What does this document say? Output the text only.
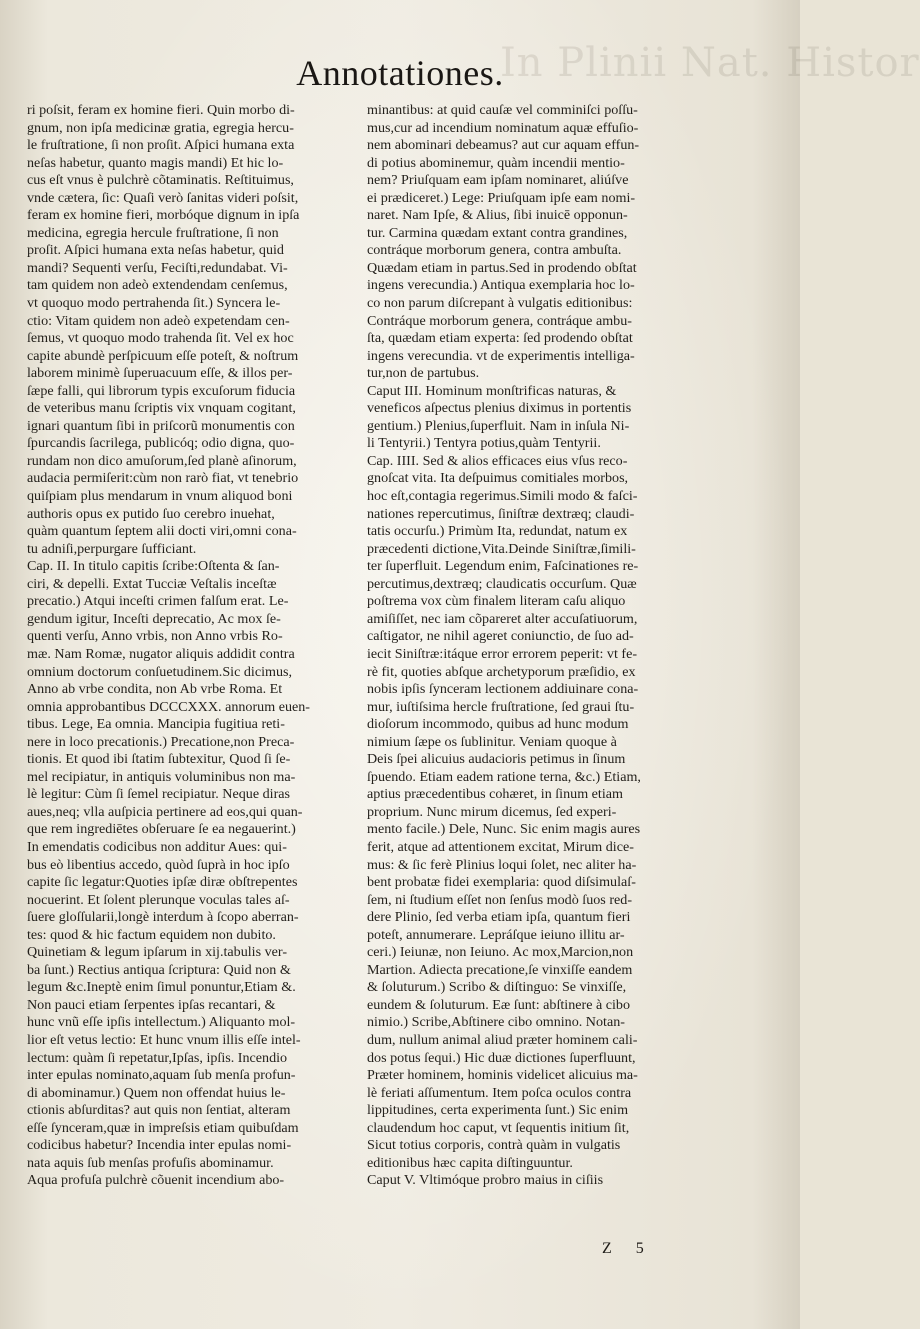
In Plinii Nat. Histor
Annotationes.
ri poſsit, feram ex homine fieri. Quin morbo di-
gnum, non ipſa medicinæ gratia, egregia hercu-
le fruſtratione, ſi non proſit. Aſpici humana exta
neſas habetur, quanto magis mandi) Et hic lo-
cus eſt vnus è pulchrè cõtaminatis. Reſtituimus,
vnde cætera, ſic: Quaſi verò ſanitas videri poſsit,
feram ex homine fieri, morbóque dignum in ipſa
medicina, egregia hercule fruſtratione, ſi non
proſit. Aſpici humana exta neſas habetur, quid
mandi? Sequenti verſu, Feciſti,redundabat. Vi-
tam quidem non adeò extendendam cenſemus,
vt quoquo modo pertrahenda ſit.) Syncera le-
ctio: Vitam quidem non adeò expetendam cen-
ſemus, vt quoquo modo trahenda ſit. Vel ex hoc
capite abundè perſpicuum eſſe poteſt, & noſtrum
laborem minimè ſuperuacuum eſſe, & illos per-
ſæpe falli, qui librorum typis excuſorum fiducia
de veteribus manu ſcriptis vix vnquam cogitant,
ignari quantum ſibi in priſcorũ monumentis con
ſpurcandis ſacrilega, publicóq; odio digna, quo-
rundam non dico amuſorum,ſed planè aſinorum,
audacia permiſerit:cùm non rarò fiat, vt tenebrio
quiſpiam plus mendarum in vnum aliquod boni
authoris opus ex putido ſuo cerebro inuehat,
quàm quantum ſeptem alii docti viri,omni cona-
tu adniſi,perpurgare ſufficiant.
Cap. II. In titulo capitis ſcribe:Oſtenta & ſan-
ciri, & depelli. Extat Tucciæ Veſtalis inceſtæ
precatio.) Atqui inceſti crimen falſum erat. Le-
gendum igitur, Inceſti deprecatio, Ac mox ſe-
quenti verſu, Anno vrbis, non Anno vrbis Ro-
mæ. Nam Romæ, nugator aliquis addidit contra
omnium doctorum conſuetudinem.Sic dicimus,
Anno ab vrbe condita, non Ab vrbe Roma. Et
omnia approbantibus DCCCXXX. annorum euen-
tibus. Lege, Ea omnia. Mancipia fugitiua reti-
nere in loco precationis.) Precatione,non Preca-
tionis. Et quod ibi ſtatim ſubtexitur, Quod ſi ſe-
mel recipiatur, in antiquis voluminibus non ma-
lè legitur: Cùm ſi ſemel recipiatur. Neque diras
aues,neq; vlla auſpicia pertinere ad eos,qui quan-
que rem ingrediētes obſeruare ſe ea negauerint.)
In emendatis codicibus non additur Aues: qui-
bus eò libentius accedo, quòd ſuprà in hoc ipſo
capite ſic legatur:Quoties ipſæ diræ obſtrepentes
nocuerint. Et ſolent plerunque voculas tales aſ-
ſuere gloſſularii,longè interdum à ſcopo aberran-
tes: quod & hic factum equidem non dubito.
Quinetiam & legum ipſarum in xij.tabulis ver-
ba ſunt.) Rectius antiqua ſcriptura: Quid non &
legum &c.Ineptè enim ſimul ponuntur,Etiam &.
Non pauci etiam ſerpentes ipſas recantari, &
hunc vnũ eſſe ipſis intellectum.) Aliquanto mol-
lior eſt vetus lectio: Et hunc vnum illis eſſe intel-
lectum: quàm ſi repetatur,Ipſas, ipſis. Incendio
inter epulas nominato,aquam ſub menſa profun-
di abominamur.) Quem non offendat huius le-
ctionis abſurditas? aut quis non ſentiat, alteram
eſſe ſynceram,quæ in impreſsis etiam quibuſdam
codicibus habetur? Incendia inter epulas nomi-
nata aquis ſub menſas profuſis abominamur.
Aqua profuſa pulchrè cõuenit incendium abo-
minantibus: at quid cauſæ vel comminiſci poſſu-
mus,cur ad incendium nominatum aquæ effuſio-
nem abominari debeamus? aut cur aquam effun-
di potius abominemur, quàm incendii mentio-
nem? Priuſquam eam ipſam nominaret, aliúſve
ei prædiceret.) Lege: Priuſquam ipſe eam nomi-
naret. Nam Ipſe, & Alius, ſibi inuicē opponun-
tur. Carmina quædam extant contra grandines,
contráque morborum genera, contra ambuſta.
Quædam etiam in partus.Sed in prodendo obſtat
ingens verecundia.) Antiqua exemplaria hoc lo-
co non parum diſcrepant à vulgatis editionibus:
Contráque morborum genera, contráque ambu-
ſta, quædam etiam experta: ſed prodendo obſtat
ingens verecundia. vt de experimentis intelliga-
tur,non de partubus.
Caput III. Hominum monſtrificas naturas, &
veneficos aſpectus plenius diximus in portentis
gentium.) Plenius,ſuperfluit. Nam in inſula Ni-
li Tentyrii.) Tentyra potius,quàm Tentyrii.
Cap. IIII. Sed & alios efficaces eius vſus reco-
gnoſcat vita. Ita deſpuimus comitiales morbos,
hoc eſt,contagia regerimus.Simili modo & faſci-
nationes repercutimus, ſiniſtræ dextræq; claudi-
tatis occurſu.) Primùm Ita, redundat, natum ex
præcedenti dictione,Vita.Deinde Siniſtræ,ſimili-
ter ſuperfluit. Legendum enim, Faſcinationes re-
percutimus,dextræq; claudicatis occurſum. Quæ
poſtrema vox cùm finalem literam caſu aliquo
amiſiſſet, nec iam cõpareret alter accuſatiuorum,
caſtigator, ne nihil ageret coniunctio, de ſuo ad-
iecit Siniſtræ:itáque error errorem peperit: vt fe-
rè fit, quoties abſque archetyporum præſidio, ex
nobis ipſis ſynceram lectionem addiuinare cona-
mur, iuſtiſsima hercle fruſtratione, ſed graui ſtu-
dioſorum incommodo, quibus ad hunc modum
nimium ſæpe os ſublinitur. Veniam quoque à
Deis ſpei alicuius audacioris petimus in ſinum
ſpuendo. Etiam eadem ratione terna, &c.) Etiam,
aptius præcedentibus cohæret, in ſinum etiam
proprium. Nunc mirum dicemus, ſed experi-
mento facile.) Dele, Nunc. Sic enim magis aures
ferit, atque ad attentionem excitat, Mirum dice-
mus: & ſic ferè Plinius loqui ſolet, nec aliter ha-
bent probatæ fidei exemplaria: quod diſsimulaſ-
ſem, ni ſtudium eſſet non ſenſus modò ſuos red-
dere Plinio, ſed verba etiam ipſa, quantum fieri
poteſt, annumerare. Lepráſque ieiuno illitu ar-
ceri.) Ieiunæ, non Ieiuno. Ac mox,Marcion,non
Martion. Adiecta precatione,ſe vinxiſſe eandem
& ſoluturum.) Scribo & diſtinguo: Se vinxiſſe,
eundem & ſoluturum. Eæ ſunt: abſtinere à cibo
nimio.) Scribe,Abſtinere cibo omnino. Notan-
dum, nullum animal aliud præter hominem cali-
dos potus ſequi.) Hic duæ dictiones ſuperfluunt,
Præter hominem, hominis videlicet alicuius ma-
lè feriati aſſumentum. Item poſca oculos contra
lippitudines, certa experimenta ſunt.) Sic enim
claudendum hoc caput, vt ſequentis initium ſit,
Sicut totius corporis, contrà quàm in vulgatis
editionibus hæc capita diſtinguuntur.
Caput V. Vltimóque probro maius in ciſiis
Z 5
